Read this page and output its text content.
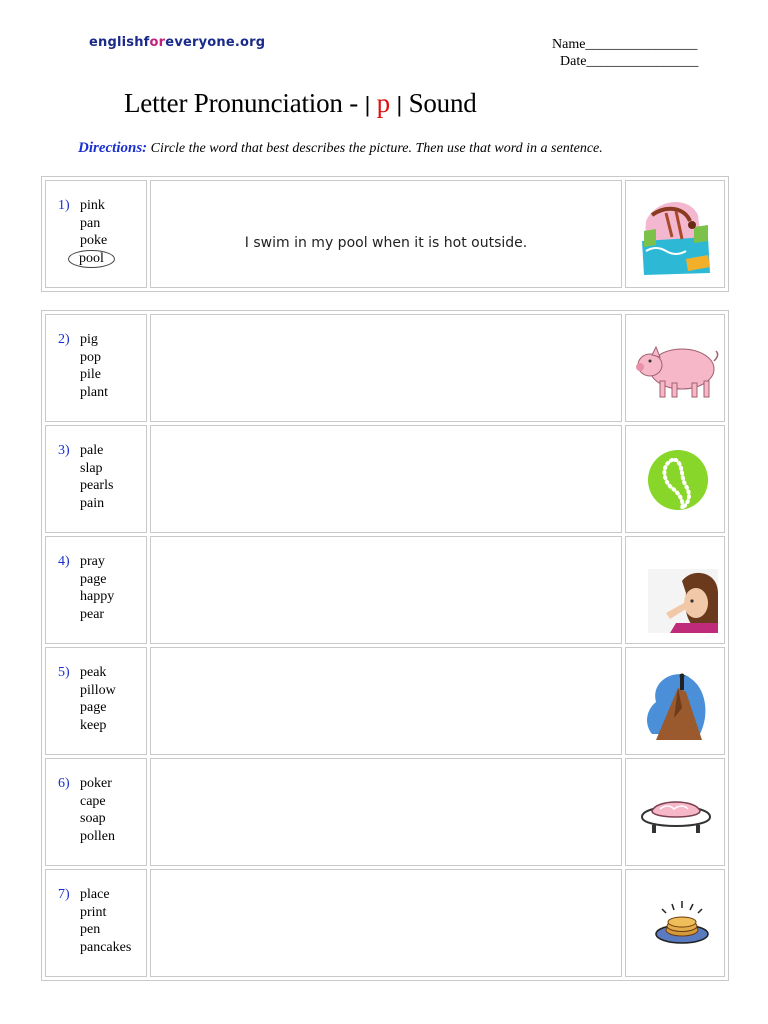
englishforeveryone.org	Name________________
Date________________
Letter Pronunciation - | p | Sound
Directions: Circle the word that best describes the picture. Then use that word in a sentence.
1) pink
pan
poke
pool

I swim in my pool when it is hot outside.

2) pig
pop
pile
plant

3) pale
slap
pearls
pain

4) pray
page
happy
pear

5) peak
pillow
page
keep

6) poker
cape
soap
pollen

7) place
print
pen
pancakes
